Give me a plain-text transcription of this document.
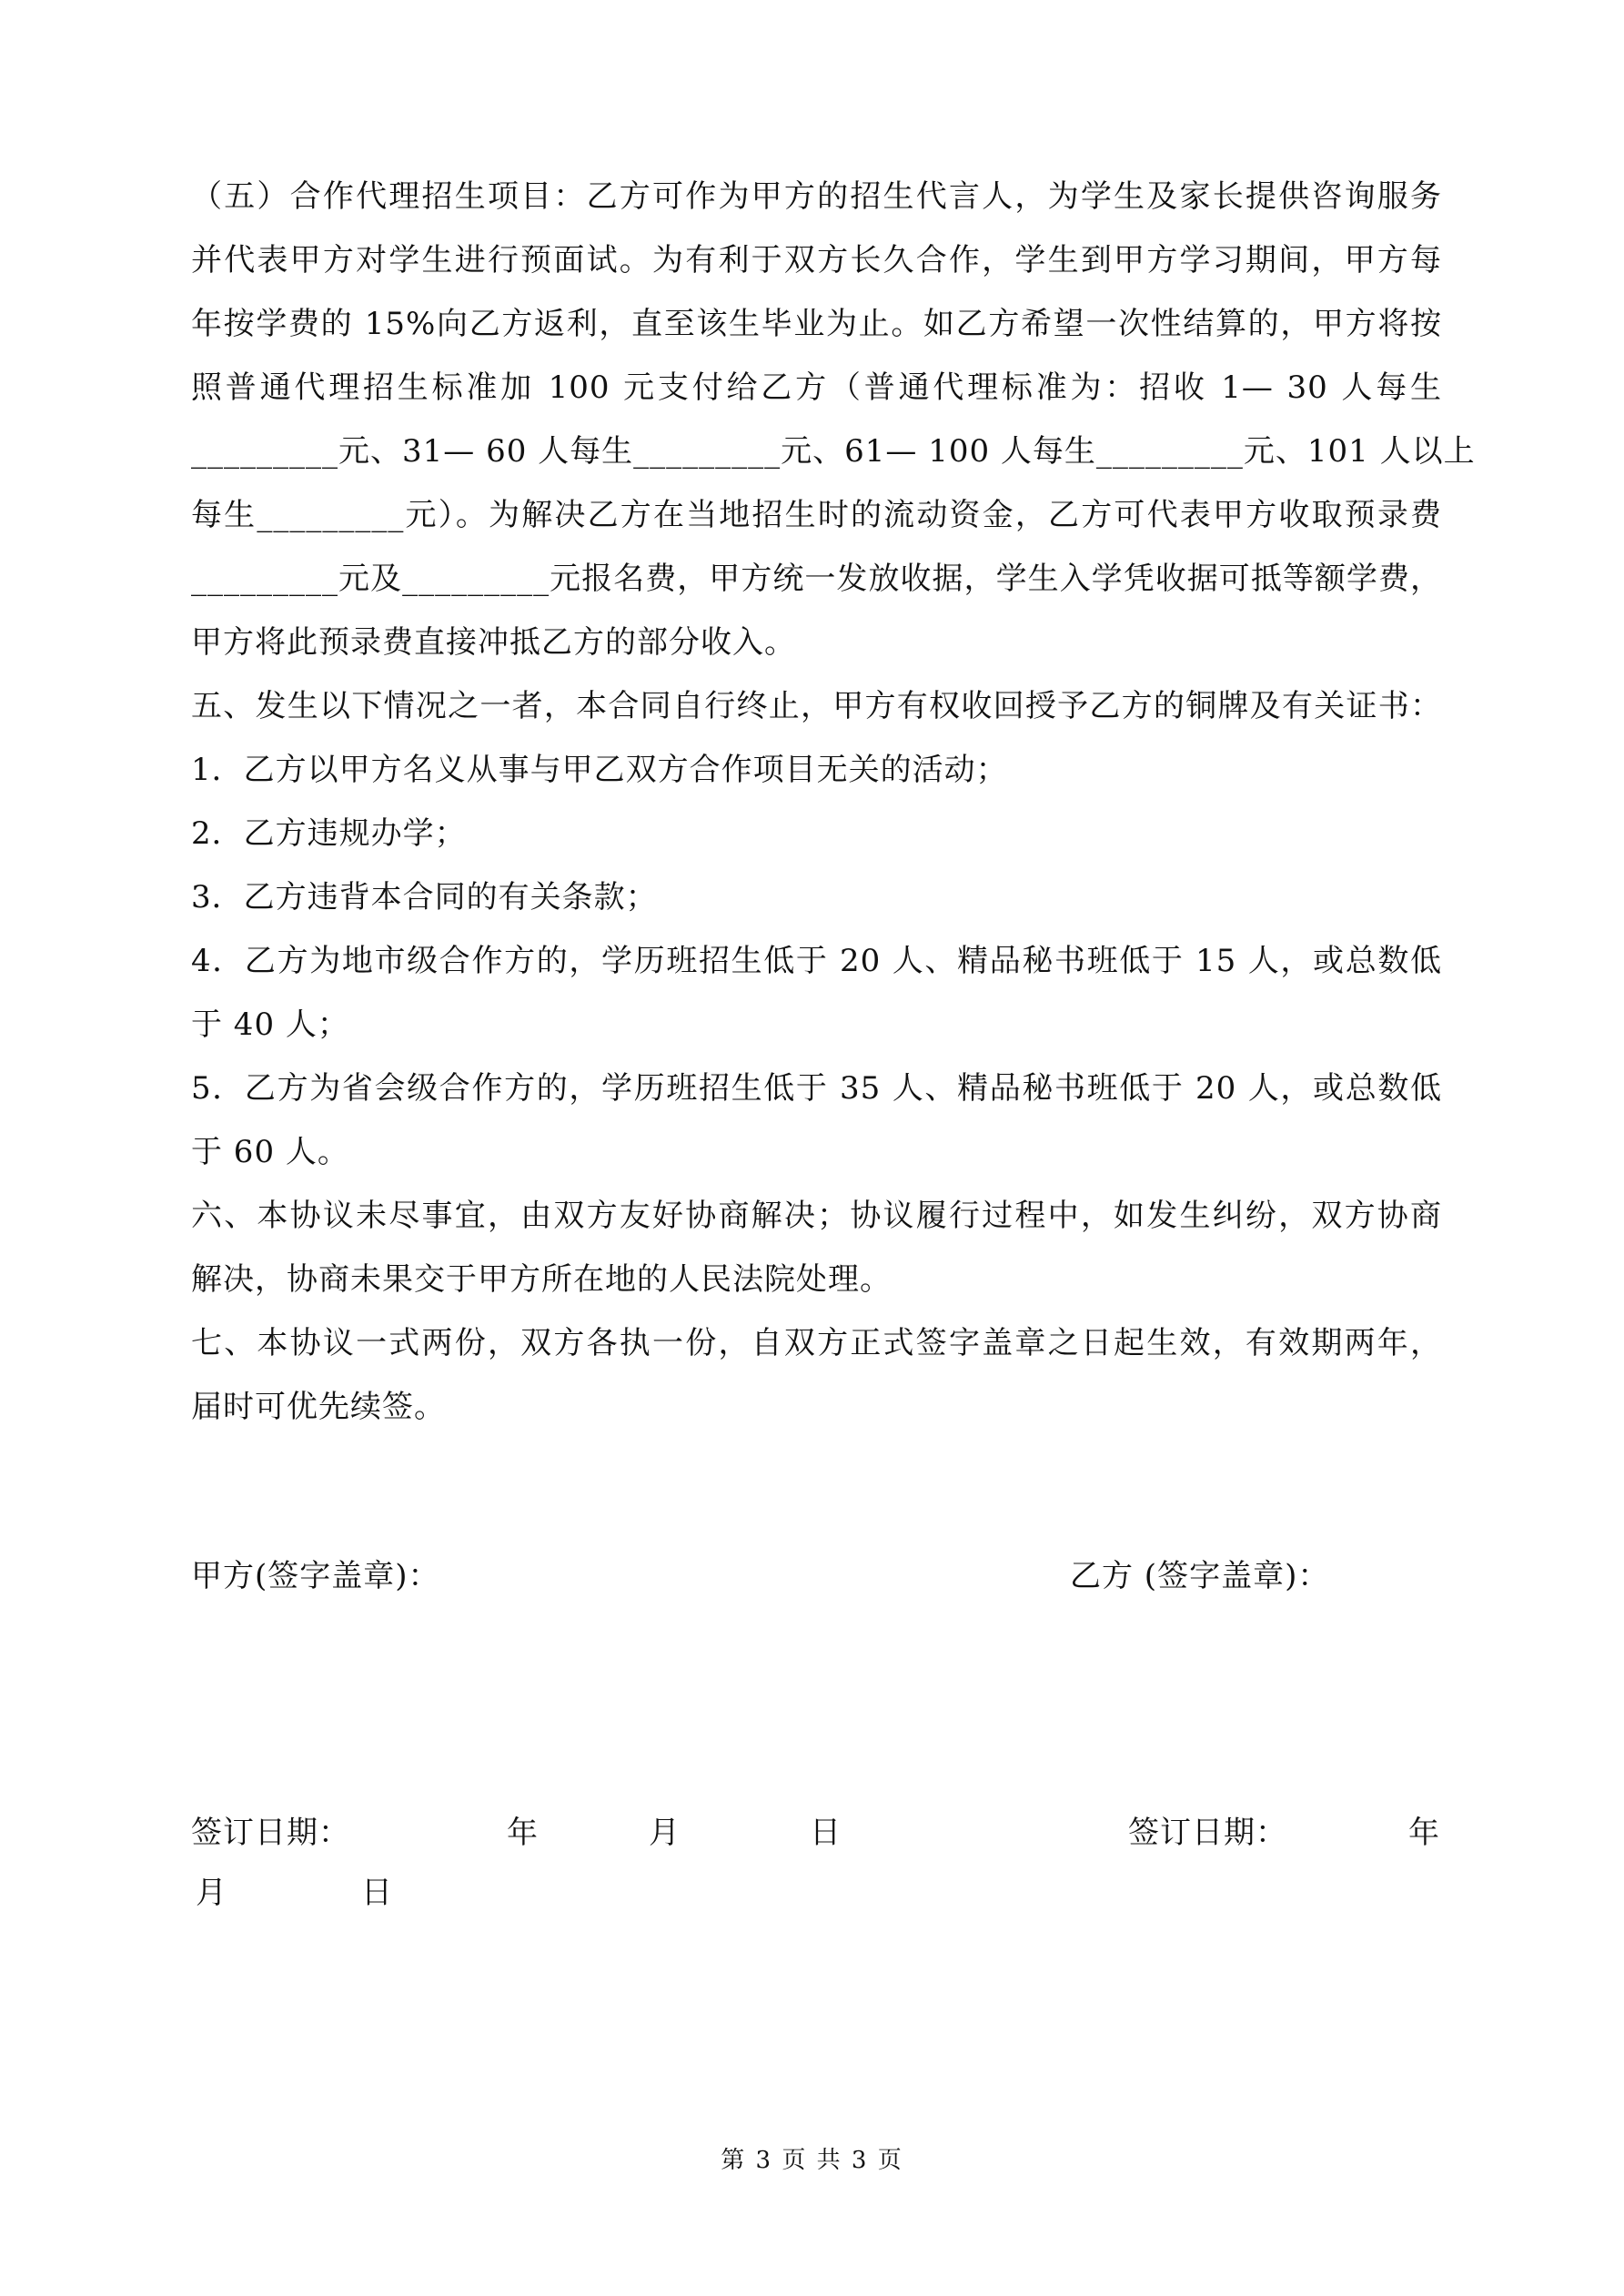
（五）合作代理招生项目：乙方可作为甲方的招生代言人，为学生及家长提供咨询服务
并代表甲方对学生进行预面试。为有利于双方长久合作，学生到甲方学习期间，甲方每
年按学费的 15%向乙方返利，直至该生毕业为止。如乙方希望一次性结算的，甲方将按
照普通代理招生标准加 100 元支付给乙方（普通代理标准为：招收 1— 30 人每生
_________元、31— 60 人每生_________元、61— 100 人每生_________元、101 人以上
每生_________元）。为解决乙方在当地招生时的流动资金，乙方可代表甲方收取预录费
_________元及_________元报名费，甲方统一发放收据，学生入学凭收据可抵等额学费，
甲方将此预录费直接冲抵乙方的部分收入。
五、发生以下情况之一者，本合同自行终止，甲方有权收回授予乙方的铜牌及有关证书：
1．乙方以甲方名义从事与甲乙双方合作项目无关的活动；
2．乙方违规办学；
3．乙方违背本合同的有关条款；
4．乙方为地市级合作方的，学历班招生低于 20 人、精品秘书班低于 15 人，或总数低
于 40 人；
5．乙方为省会级合作方的，学历班招生低于 35 人、精品秘书班低于 20 人，或总数低
于 60 人。
六、本协议未尽事宜，由双方友好协商解决；协议履行过程中，如发生纠纷，双方协商
解决，协商未果交于甲方所在地的人民法院处理。
七、本协议一式两份，双方各执一份，自双方正式签字盖章之日起生效，有效期两年，
届时可优先续签。
甲方(签字盖章)：	乙方 (签字盖章)：
签订日期：	年	月	日	签订日期：	年
月	日
第 3 页 共 3 页
